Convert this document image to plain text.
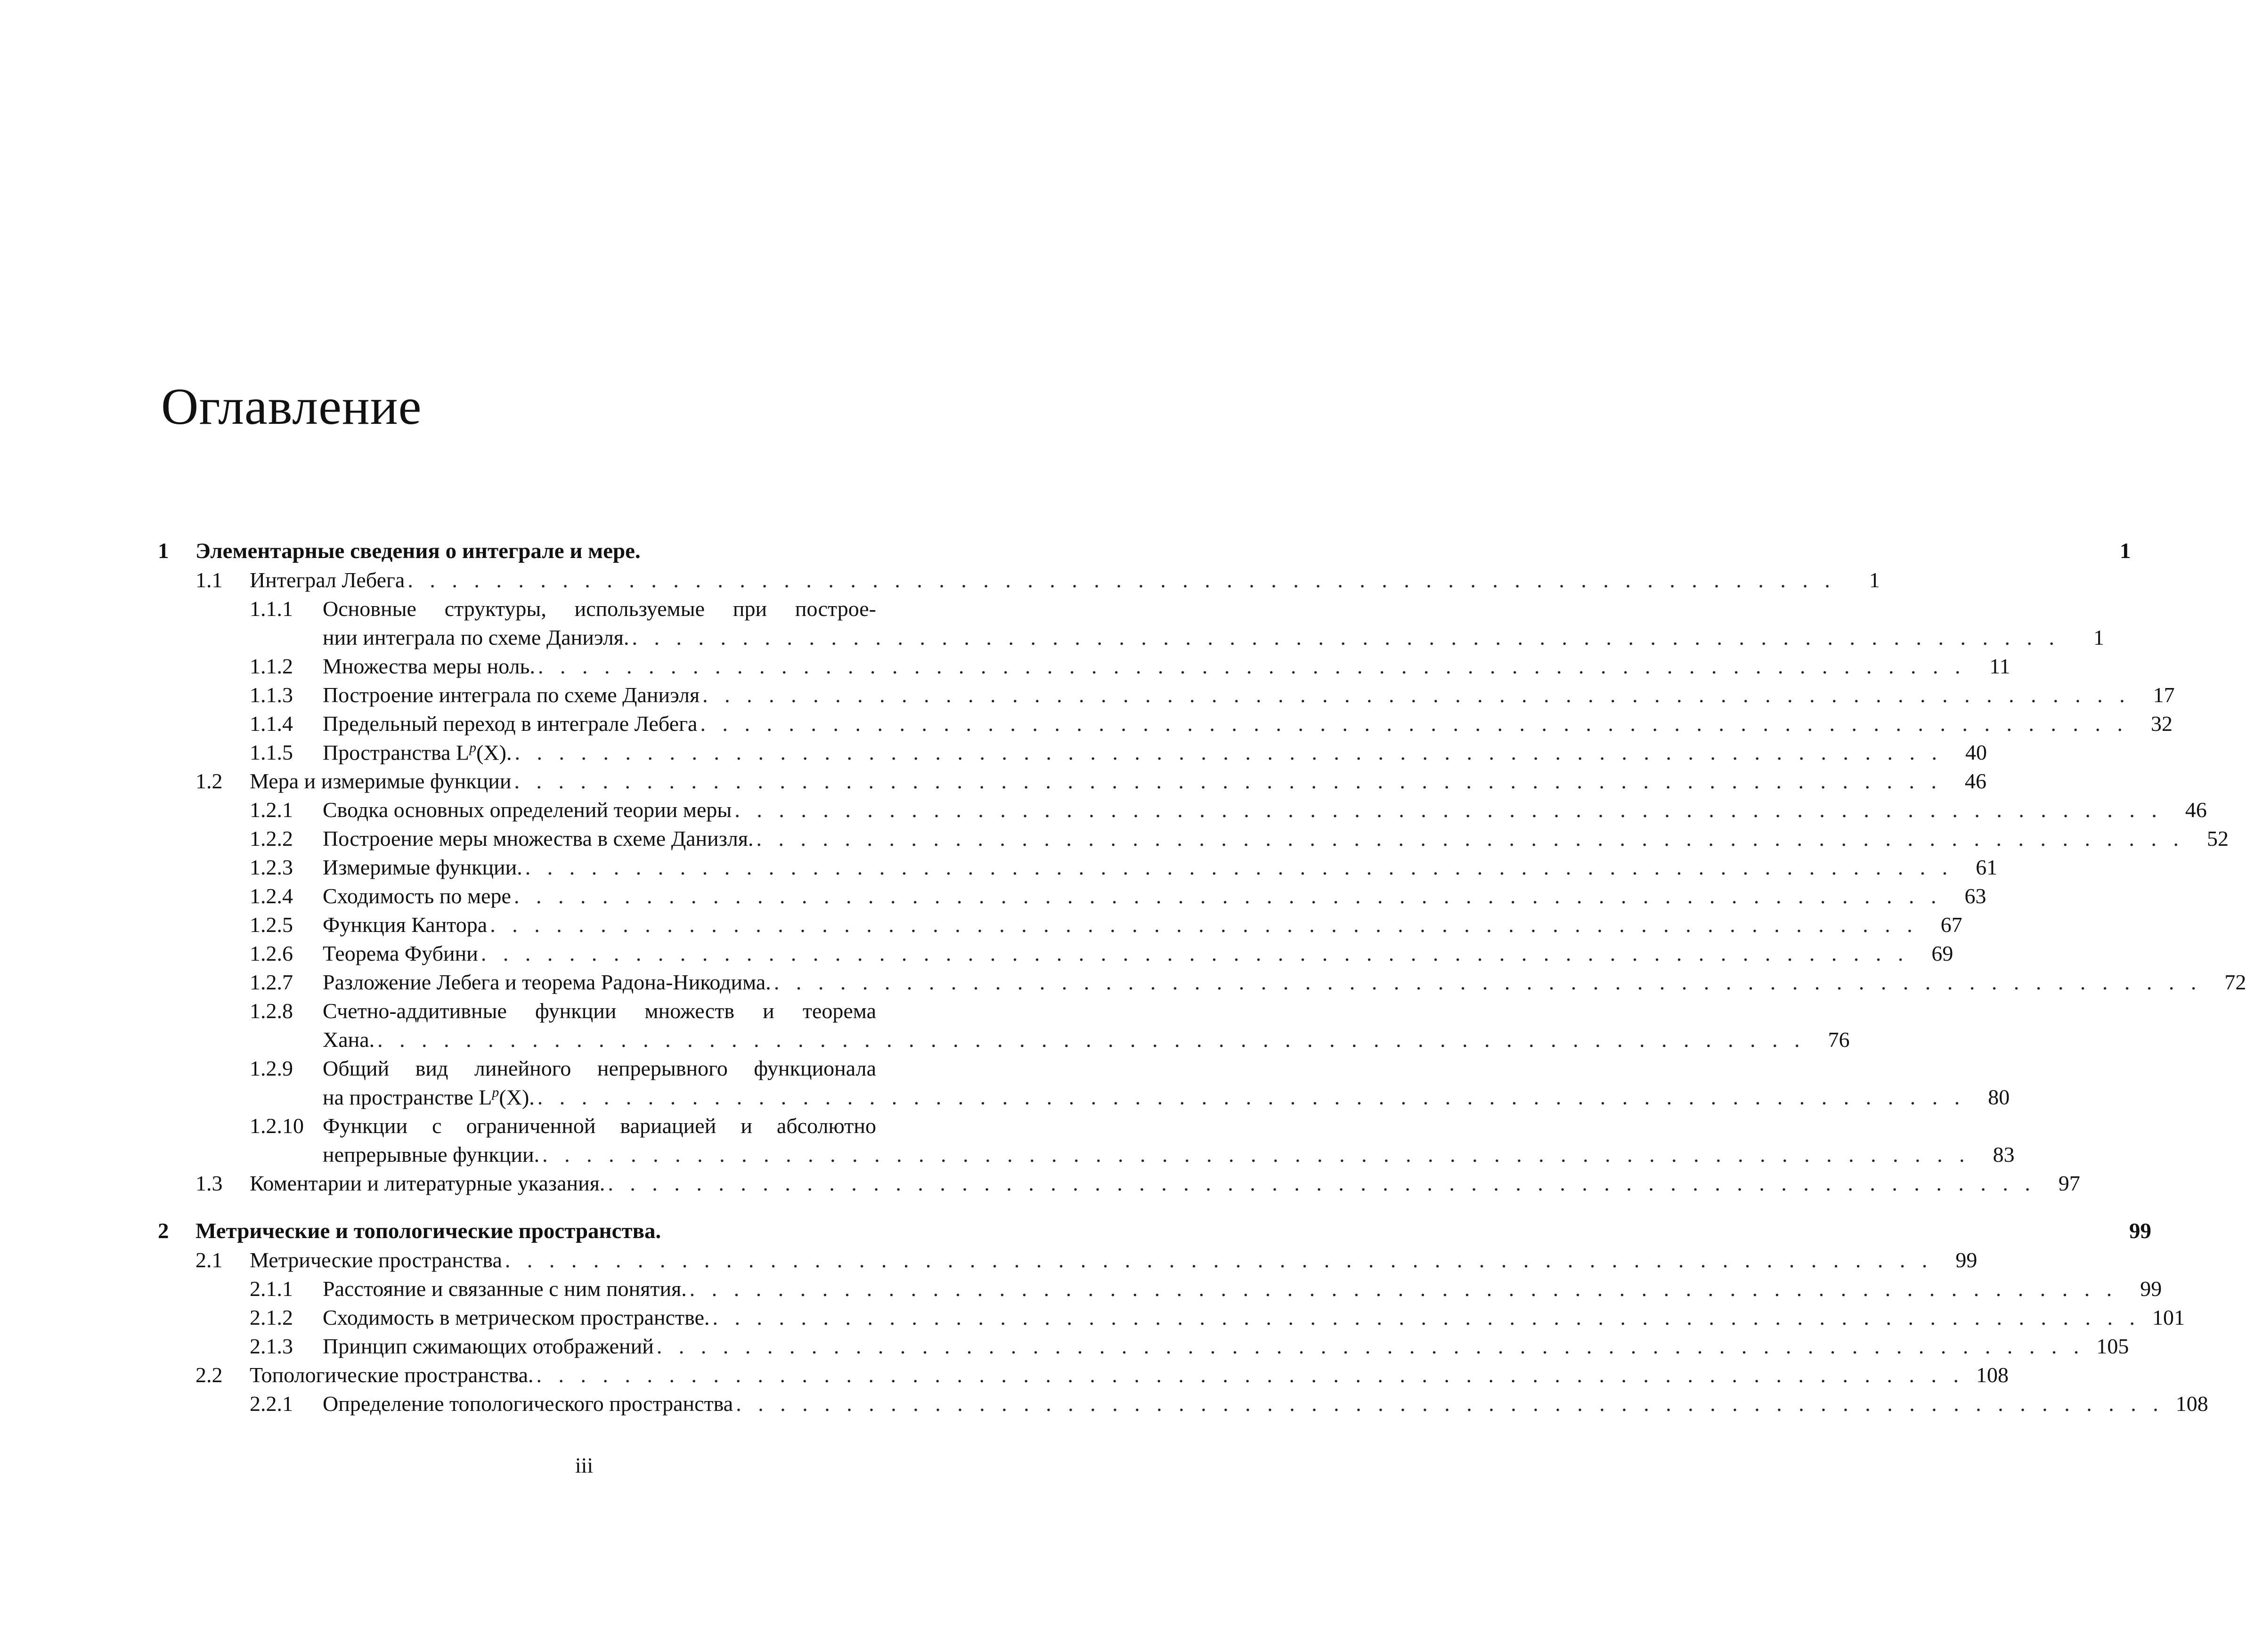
Оглавление
1	Элементарные сведения о интеграле и мере.	1
1.1	Интеграл Лебега . . . . . . . . . . . . . . . . . . . . . . . . . . . . . . . . . . . . . . . . . . . . . . . . . . . . . . . . . . . . . . . . .	1
1.1.1	Основные структуры, используемые при построе-
нии интеграла по схеме Даниэля. . . . . . . . . . . . . . . . . . . . . . . . . . . . . . . . . . . . . . . . . . . . . . . . . . . . . . . . . . . . . . . . . .	1
1.1.2	Множества меры ноль. . . . . . . . . . . . . . . . . . . . . . . . . . . . . . . . . . . . . . . . . . . . . . . . . . . . . . . . . . . . . . . . . .	11
1.1.3	Построение интеграла по схеме Даниэля . . . . . . . . . . . . . . . . . . . . . . . . . . . . . . . . . . . . . . . . . . . . . . . . . . . . . . . . . . . . . . . . .	17
1.1.4	Предельный переход в интеграле Лебега . . . . . . . . . . . . . . . . . . . . . . . . . . . . . . . . . . . . . . . . . . . . . . . . . . . . . . . . . . . . . . . . .	32
1.1.5	Пространства $L^p(X)$. . . . . . . . . . . . . . . . . . . . . . . . . . . . . . . . . . . . . . . . . . . . . . . . . . . . . . . . . . . . . . . . . .	40
1.2	Мера и измеримые функции . . . . . . . . . . . . . . . . . . . . . . . . . . . . . . . . . . . . . . . . . . . . . . . . . . . . . . . . . . . . . . . . .	46
1.2.1	Сводка основных определений теории меры . . . . . . . . . . . . . . . . . . . . . . . . . . . . . . . . . . . . . . . . . . . . . . . . . . . . . . . . . . . . . . . . .	46
1.2.2	Построение меры множества в схеме Данизля. . . . . . . . . . . . . . . . . . . . . . . . . . . . . . . . . . . . . . . . . . . . . . . . . . . . . . . . . . . . . . . . . .	52
1.2.3	Измеримые функции. . . . . . . . . . . . . . . . . . . . . . . . . . . . . . . . . . . . . . . . . . . . . . . . . . . . . . . . . . . . . . . . . .	61
1.2.4	Сходимость по мере . . . . . . . . . . . . . . . . . . . . . . . . . . . . . . . . . . . . . . . . . . . . . . . . . . . . . . . . . . . . . . . . .	63
1.2.5	Функция Кантора . . . . . . . . . . . . . . . . . . . . . . . . . . . . . . . . . . . . . . . . . . . . . . . . . . . . . . . . . . . . . . . . .	67
1.2.6	Теорема Фубини . . . . . . . . . . . . . . . . . . . . . . . . . . . . . . . . . . . . . . . . . . . . . . . . . . . . . . . . . . . . . . . . .	69
1.2.7	Разложение Лебега и теорема Радона-Никодима. . . . . . . . . . . . . . . . . . . . . . . . . . . . . . . . . . . . . . . . . . . . . . . . . . . . . . . . . . . . . . . . . .	72
1.2.8	Счетно-аддитивные функции множеств и теорема
Хана. . . . . . . . . . . . . . . . . . . . . . . . . . . . . . . . . . . . . . . . . . . . . . . . . . . . . . . . . . . . . . . . . .	76
1.2.9	Общий вид линейного непрерывного функционала
на пространстве $L^p(X)$. . . . . . . . . . . . . . . . . . . . . . . . . . . . . . . . . . . . . . . . . . . . . . . . . . . . . . . . . . . . . . . . . .	80
1.2.10 Функции с ограниченной вариацией и абсолютно
непрерывные функции. . . . . . . . . . . . . . . . . . . . . . . . . . . . . . . . . . . . . . . . . . . . . . . . . . . . . . . . . . . . . . . . . .	83
1.3	Коментарии и литературные указания. . . . . . . . . . . . . . . . . . . . . . . . . . . . . . . . . . . . . . . . . . . . . . . . . . . . . . . . . . . . . . . . . .	97
2	Метрические и топологические пространства.	99
2.1	Метрические пространства . . . . . . . . . . . . . . . . . . . . . . . . . . . . . . . . . . . . . . . . . . . . . . . . . . . . . . . . . . . . . . . . .	99
2.1.1	Расстояние и связанные с ним понятия. . . . . . . . . . . . . . . . . . . . . . . . . . . . . . . . . . . . . . . . . . . . . . . . . . . . . . . . . . . . . . . . . .	99
2.1.2	Сходимость в метрическом пространстве. . . . . . . . . . . . . . . . . . . . . . . . . . . . . . . . . . . . . . . . . . . . . . . . . . . . . . . . . . . . . . . . . . 101
2.1.3	Принцип сжимающих отображений . . . . . . . . . . . . . . . . . . . . . . . . . . . . . . . . . . . . . . . . . . . . . . . . . . . . . . . . . . . . . . . . . 105
2.2	Топологические пространства. . . . . . . . . . . . . . . . . . . . . . . . . . . . . . . . . . . . . . . . . . . . . . . . . . . . . . . . . . . . . . . . . . 108
2.2.1	Определение топологического пространства . . . . . . . . . . . . . . . . . . . . . . . . . . . . . . . . . . . . . . . . . . . . . . . . . . . . . . . . . . . . . . . . . 108
iii
